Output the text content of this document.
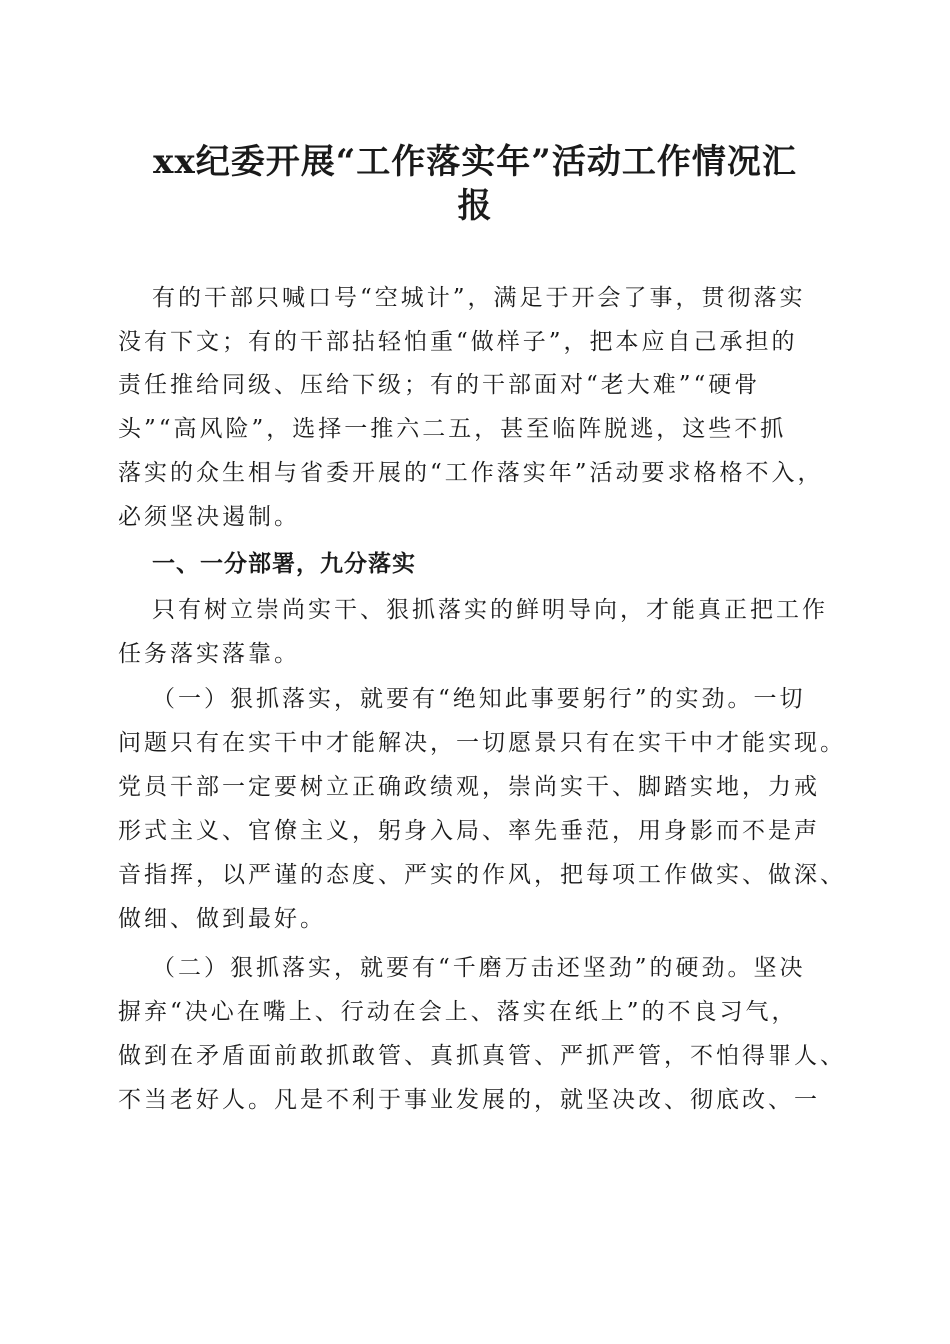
xx纪委开展“工作落实年”活动工作情况汇
报

有的干部只喊口号“空城计”，满足于开会了事，贯彻落实

没有下文；有的干部拈轻怕重“做样子”，把本应自己承担的

责任推给同级、压给下级；有的干部面对“老大难”“硬骨

头”“高风险”，选择一推六二五，甚至临阵脱逃，这些不抓

落实的众生相与省委开展的“工作落实年”活动要求格格不入，

必须坚决遏制。

一、一分部署，九分落实

只有树立崇尚实干、狠抓落实的鲜明导向，才能真正把工作

任务落实落靠。

（一）狠抓落实，就要有“绝知此事要躬行”的实劲。一切

问题只有在实干中才能解决，一切愿景只有在实干中才能实现。

党员干部一定要树立正确政绩观，崇尚实干、脚踏实地，力戒

形式主义、官僚主义，躬身入局、率先垂范，用身影而不是声

音指挥，以严谨的态度、严实的作风，把每项工作做实、做深、

做细、做到最好。

（二）狠抓落实，就要有“千磨万击还坚劲”的硬劲。坚决

摒弃“决心在嘴上、行动在会上、落实在纸上”的不良习气，

做到在矛盾面前敢抓敢管、真抓真管、严抓严管，不怕得罪人、

不当老好人。凡是不利于事业发展的，就坚决改、彻底改、一
